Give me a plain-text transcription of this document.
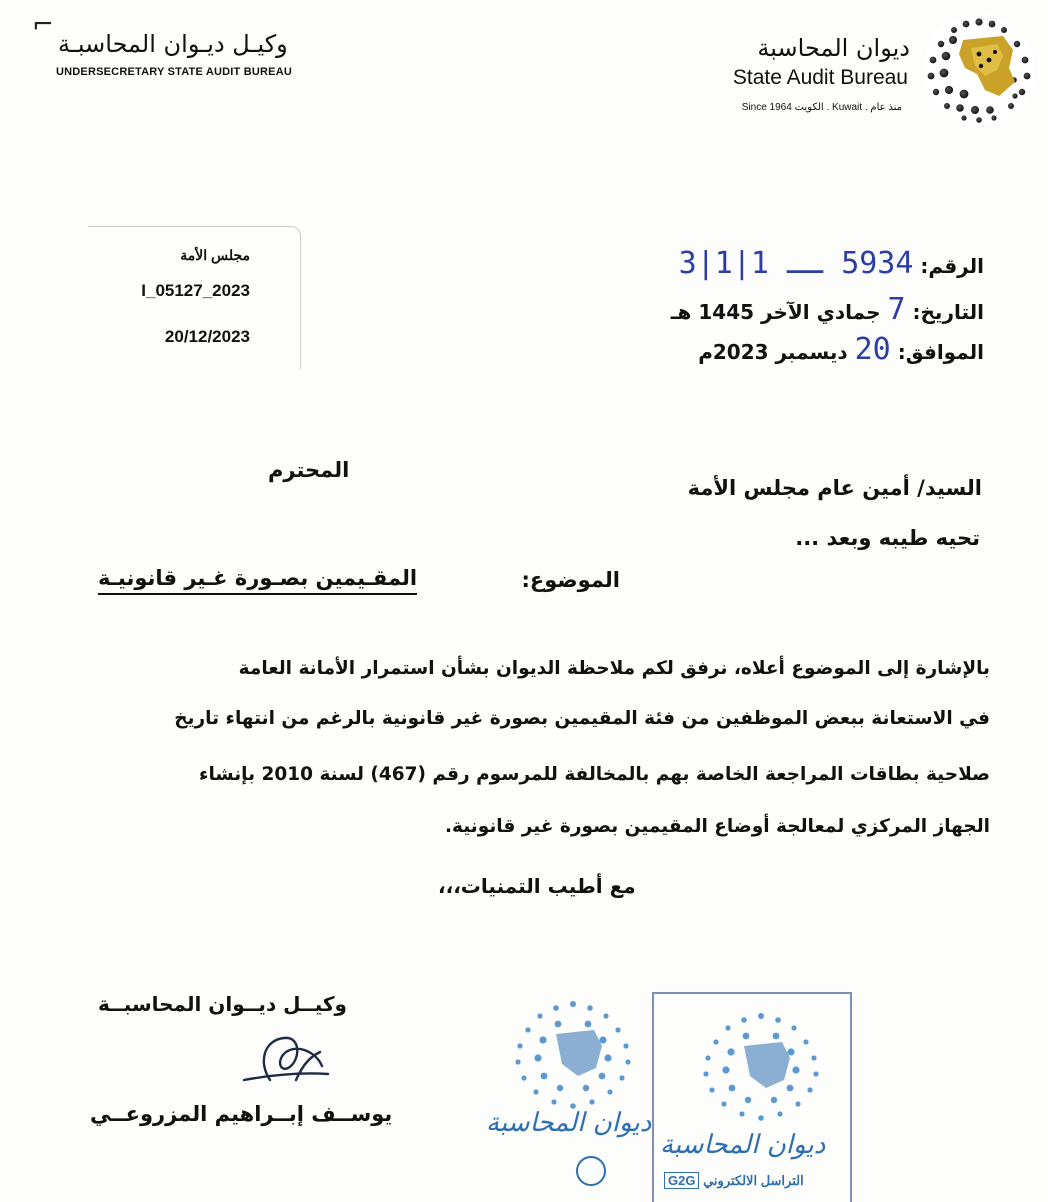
ديوان المحاسبة
State Audit Bureau
Since 1964 الكويت . Kuwait . منذ عام
وكيـل ديـوان المحاسبـة
UNDERSECRETARY STATE AUDIT BUREAU
⌐
مجلس الأمة
I_05127_2023
20/12/2023
الرقم: 5934 ــ 1|1|3
التاريخ: 7 جمادي الآخر 1445 هـ
الموافق: 20 ديسمبر 2023م
السيد/ أمين عام مجلس الأمة
المحترم
تحيه طيبه وبعد ...
الموضوع:
المقـيمين بصـورة غـير قانونيـة
بالإشارة إلى الموضوع أعلاه، نرفق لكم ملاحظة الديوان بشأن استمرار الأمانة العامة
في الاستعانة ببعض الموظفين من فئة المقيمين بصورة غير قانونية بالرغم من انتهاء تاريخ
صلاحية بطاقات المراجعة الخاصة بهم بالمخالفة للمرسوم رقم (467) لسنة 2010 بإنشاء
الجهاز المركزي لمعالجة أوضاع المقيمين بصورة غير قانونية.
مع أطيب التمنيات،،،
وكيــل ديــوان المحاسبــة
يوســف إبــراهيم المزروعــي	ديوان المحاسبة
ديوان المحاسبة
G2G التراسل الالكتروني
